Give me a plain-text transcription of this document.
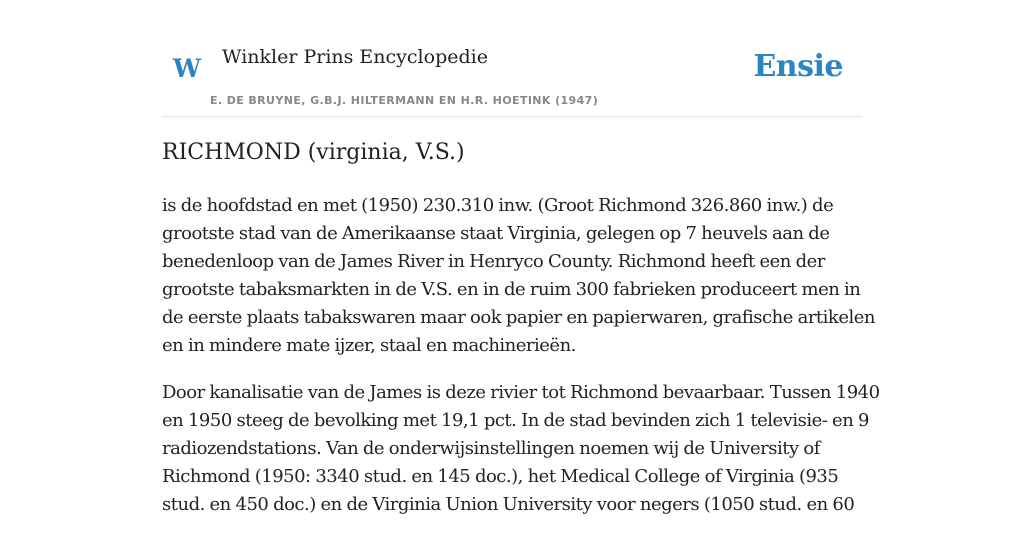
W Winkler Prins Encyclopedie
E. DE BRUYNE, G.B.J. HILTERMANN EN H.R. HOETINK (1947)
Ensie
RICHMOND (virginia, V.S.)

is de hoofdstad en met (1950) 230.310 inw. (Groot Richmond 326.860 inw.) de
grootste stad van de Amerikaanse staat Virginia, gelegen op 7 heuvels aan de
benedenloop van de James River in Henryco County. Richmond heeft een der
grootste tabaksmarkten in de V.S. en in de ruim 300 fabrieken produceert men in
de eerste plaats tabakswaren maar ook papier en papierwaren, grafische artikelen
en in mindere mate ijzer, staal en machinerieën.

Door kanalisatie van de James is deze rivier tot Richmond bevaarbaar. Tussen 1940
en 1950 steeg de bevolking met 19,1 pct. In de stad bevinden zich 1 televisie- en 9
radiozendstations. Van de onderwijsinstellingen noemen wij de University of
Richmond (1950: 3340 stud. en 145 doc.), het Medical College of Virginia (935
stud. en 450 doc.) en de Virginia Union University voor negers (1050 stud. en 60
